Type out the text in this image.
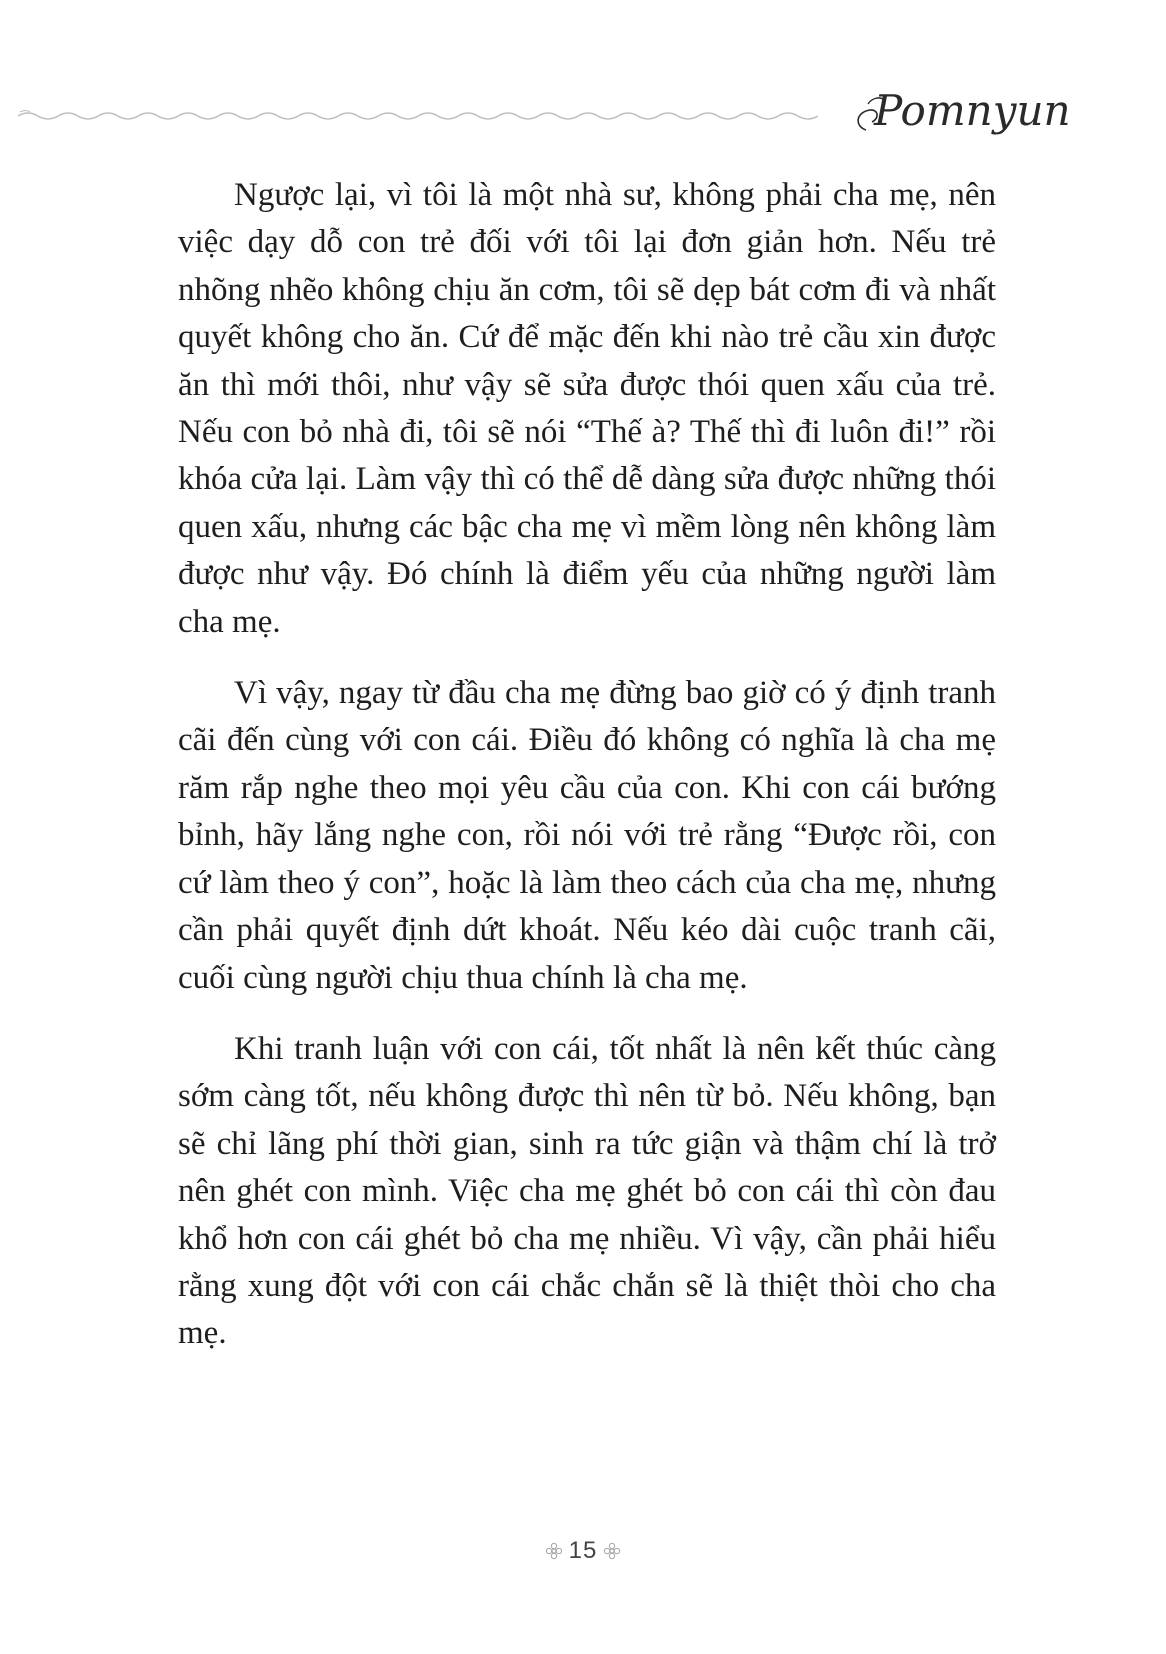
Pomnyun

Ngược lại, vì tôi là một nhà sư, không phải cha mẹ, nên việc dạy dỗ con trẻ đối với tôi lại đơn giản hơn. Nếu trẻ nhõng nhẽo không chịu ăn cơm, tôi sẽ dẹp bát cơm đi và nhất quyết không cho ăn. Cứ để mặc đến khi nào trẻ cầu xin được ăn thì mới thôi, như vậy sẽ sửa được thói quen xấu của trẻ. Nếu con bỏ nhà đi, tôi sẽ nói “Thế à? Thế thì đi luôn đi!” rồi khóa cửa lại. Làm vậy thì có thể dễ dàng sửa được những thói quen xấu, nhưng các bậc cha mẹ vì mềm lòng nên không làm được như vậy. Đó chính là điểm yếu của những người làm cha mẹ.

Vì vậy, ngay từ đầu cha mẹ đừng bao giờ có ý định tranh cãi đến cùng với con cái. Điều đó không có nghĩa là cha mẹ răm rắp nghe theo mọi yêu cầu của con. Khi con cái bướng bỉnh, hãy lắng nghe con, rồi nói với trẻ rằng “Được rồi, con cứ làm theo ý con”, hoặc là làm theo cách của cha mẹ, nhưng cần phải quyết định dứt khoát. Nếu kéo dài cuộc tranh cãi, cuối cùng người chịu thua chính là cha mẹ.

Khi tranh luận với con cái, tốt nhất là nên kết thúc càng sớm càng tốt, nếu không được thì nên từ bỏ. Nếu không, bạn sẽ chỉ lãng phí thời gian, sinh ra tức giận và thậm chí là trở nên ghét con mình. Việc cha mẹ ghét bỏ con cái thì còn đau khổ hơn con cái ghét bỏ cha mẹ nhiều. Vì vậy, cần phải hiểu rằng xung đột với con cái chắc chắn sẽ là thiệt thòi cho cha mẹ.

15
